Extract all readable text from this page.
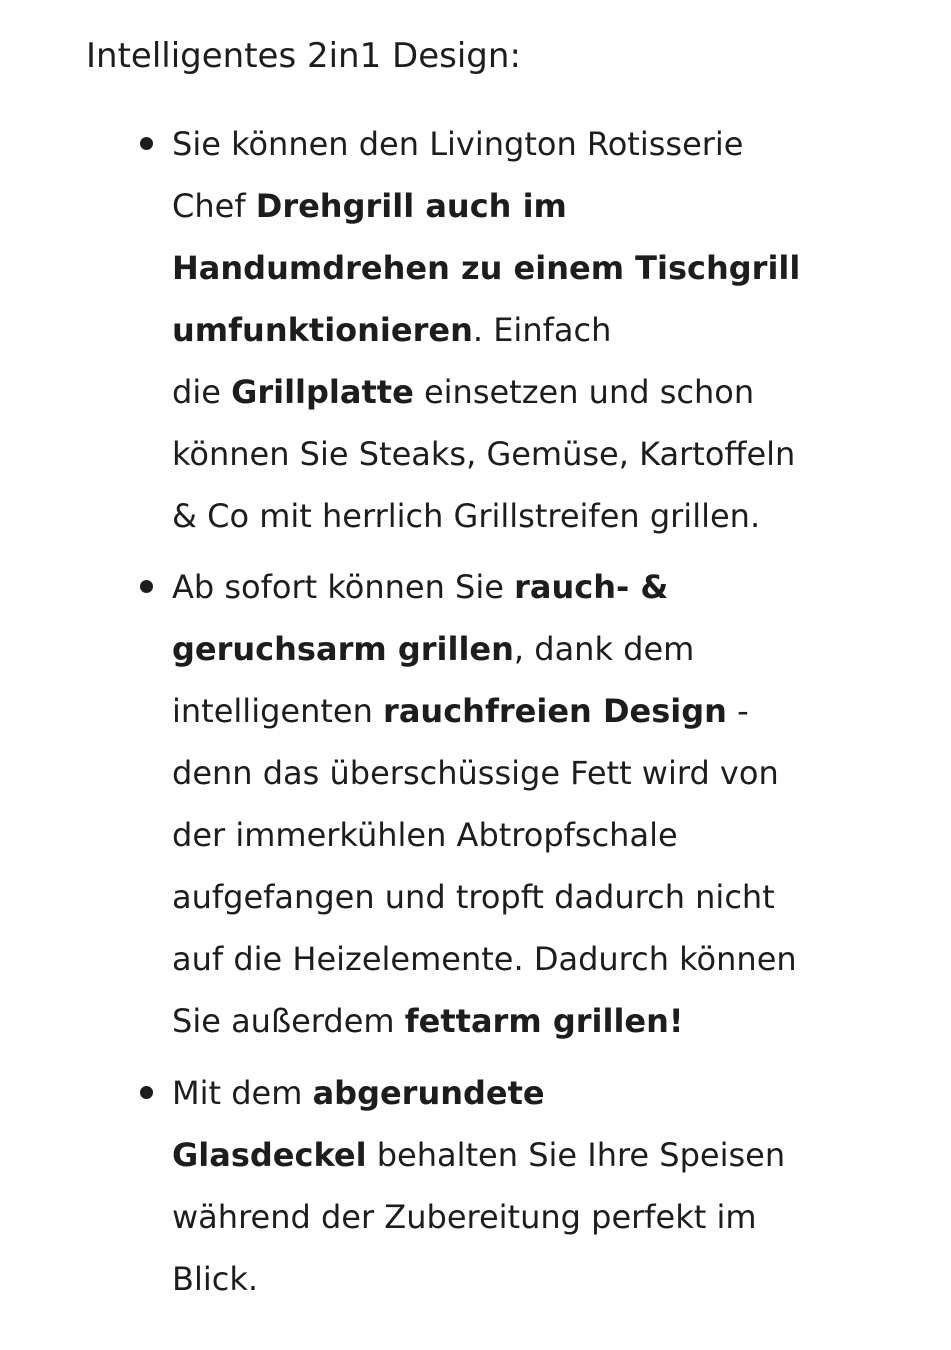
Intelligentes 2in1 Design:
Sie können den Livington Rotisserie
Chef Drehgrill auch im
Handumdrehen zu einem Tischgrill
umfunktionieren. Einfach
die Grillplatte einsetzen und schon
können Sie Steaks, Gemüse, Kartoffeln
& Co mit herrlich Grillstreifen grillen.
Ab sofort können Sie rauch- &
geruchsarm grillen, dank dem
intelligenten rauchfreien Design -
denn das überschüssige Fett wird von
der immerkühlen Abtropfschale
aufgefangen und tropft dadurch nicht
auf die Heizelemente. Dadurch können
Sie außerdem fettarm grillen!
Mit dem abgerundete
Glasdeckel behalten Sie Ihre Speisen
während der Zubereitung perfekt im
Blick.
